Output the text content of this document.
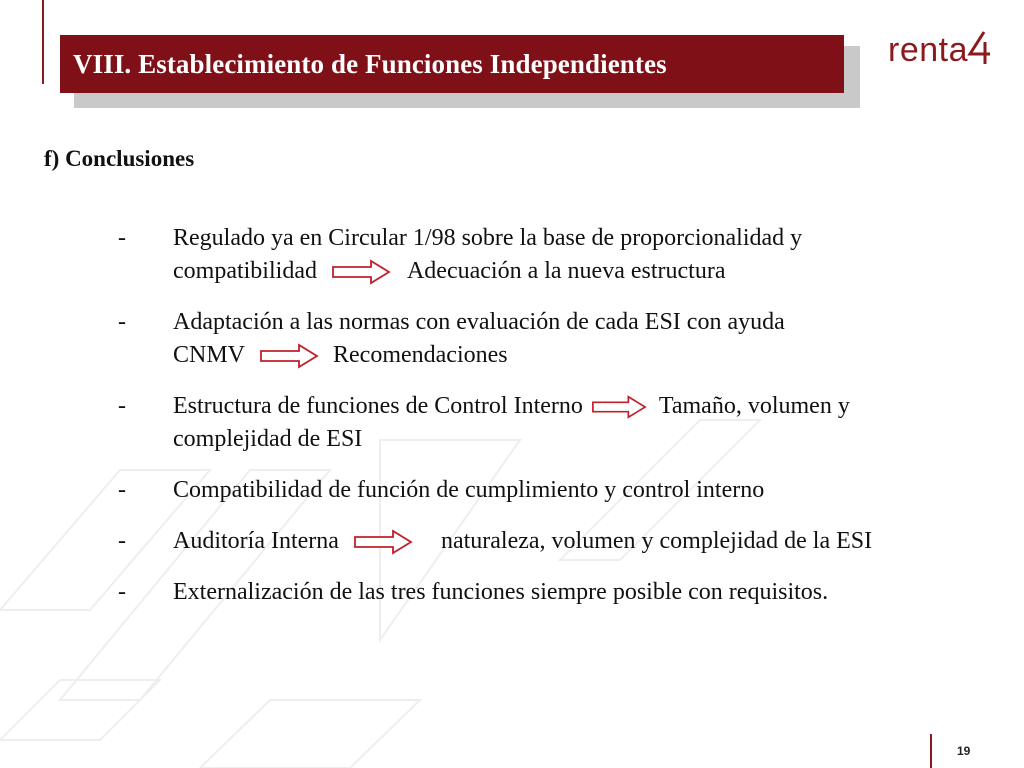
VIII. Establecimiento de Funciones Independientes	renta
f) Conclusiones
-	Regulado ya en Circular 1/98 sobre la base de proporcionalidad y
compatibilidad	Adecuación a la nueva estructura
-	Adaptación a las normas con evaluación de cada ESI con ayuda
CNMV	Recomendaciones
-	Estructura de funciones de Control Interno	Tamaño, volumen y
complejidad de ESI
-	Compatibilidad de función de cumplimiento y control interno
-	Auditoría Interna	naturaleza, volumen y complejidad de la ESI
-	Externalización de las tres funciones siempre posible con requisitos.
19
